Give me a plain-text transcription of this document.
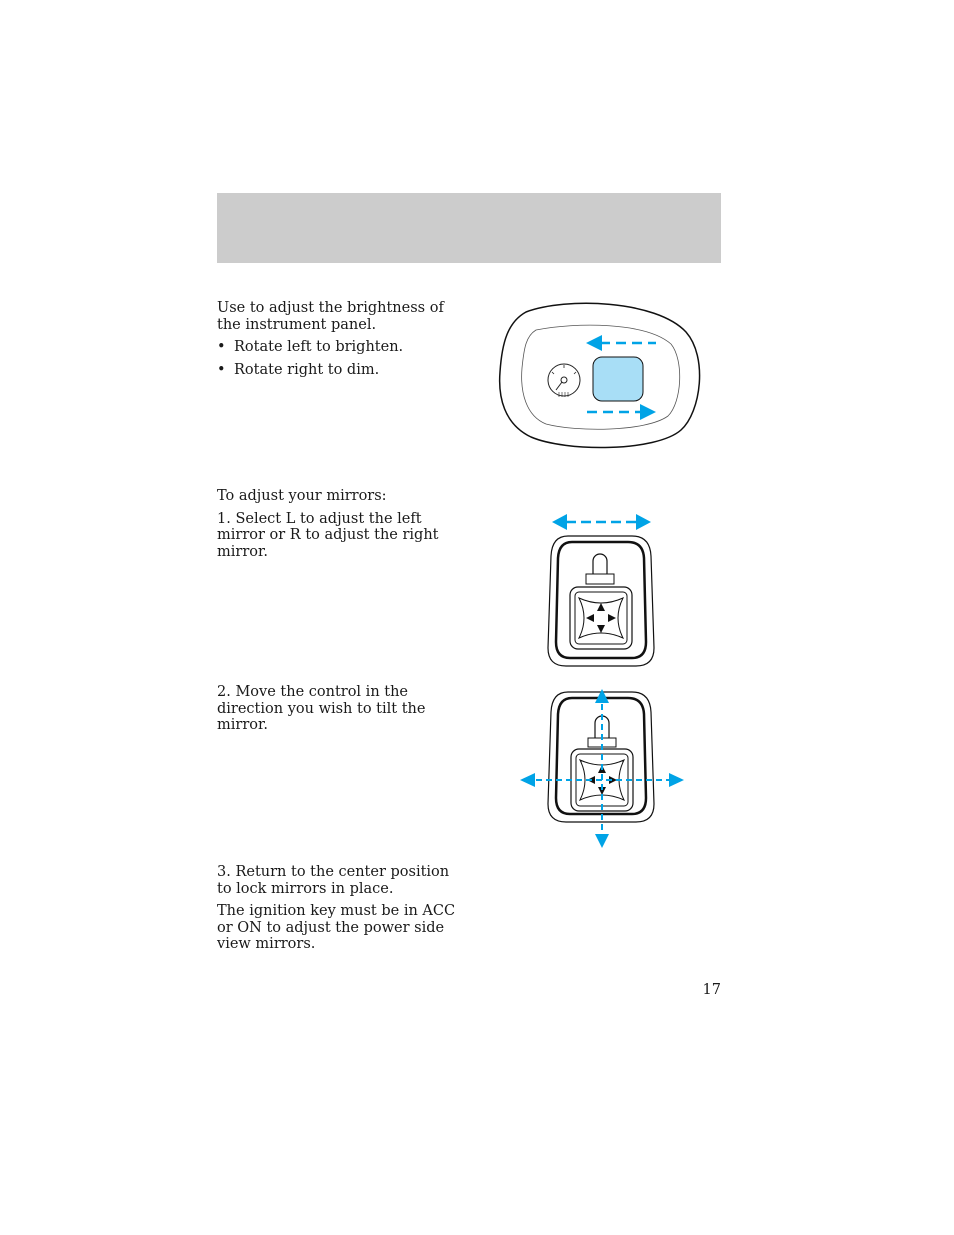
Use to adjust the brightness of the instrument panel.

• Rotate left to brighten.
• Rotate right to dim.

To adjust your mirrors:

1. Select L to adjust the left mirror or R to adjust the right mirror.

2. Move the control in the direction you wish to tilt the mirror.

3. Return to the center position to lock mirrors in place.

The ignition key must be in ACC or ON to adjust the power side view mirrors.

17
